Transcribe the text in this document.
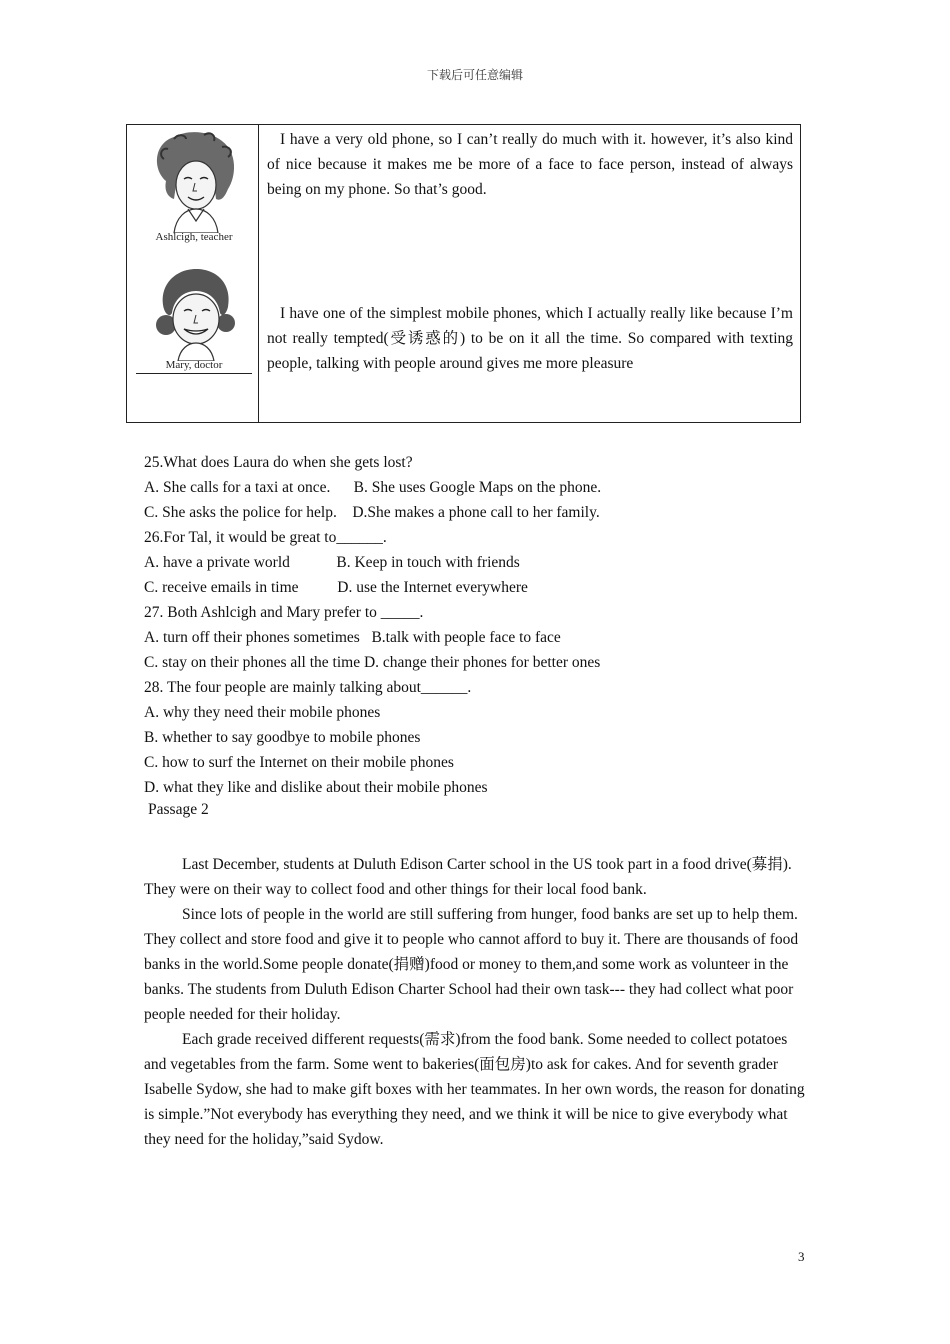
下载后可任意编辑
Ashlcigh, teacher
Mary, doctor
I have a very old phone, so I can’t really do much with it. however, it’s also kind of nice because it makes me be more of a face to face person, instead of always being on my phone. So that’s good.
I have one of the simplest mobile phones, which I actually really like because I’m not really tempted(受诱惑的) to be on it all the time. So compared with texting people, talking with people around gives me more pleasure
25.What does Laura do when she gets lost?
A. She calls for a taxi at once.      B. She uses Google Maps on the phone.
C. She asks the police for help.    D.She makes a phone call to her family.
26.For Tal, it would be great to______.
A. have a private world            B. Keep in touch with friends
C. receive emails in time          D. use the Internet everywhere
27. Both Ashlcigh and Mary prefer to _____.
A. turn off their phones sometimes   B.talk with people face to face
C. stay on their phones all the time D. change their phones for better ones
28. The four people are mainly talking about______.
A. why they need their mobile phones
B. whether to say goodbye to mobile phones
C. how to surf the Internet on their mobile phones
D. what they like and dislike about their mobile phones
Passage 2

Last December, students at Duluth Edison Carter school in the US took part in a food drive(募捐). They were on their way to collect food and other things for their local food bank.

Since lots of people in the world are still suffering from hunger, food banks are set up to help them. They collect and store food and give it to people who cannot afford to buy it. There are thousands of food banks in the world.Some people donate(捐赠)food or money to them,and some work as volunteer in the banks. The students from Duluth Edison Charter School had their own task--- they had collect what poor people needed for their holiday.

Each grade received different requests(需求)from the food bank. Some needed to collect potatoes and vegetables from the farm. Some went to bakeries(面包房)to ask for cakes. And for seventh grader Isabelle Sydow, she had to make gift boxes with her teammates. In her own words, the reason for donating is simple.”Not everybody has everything they need, and we think it will be nice to give everybody what they need for the holiday,”said Sydow.

3
